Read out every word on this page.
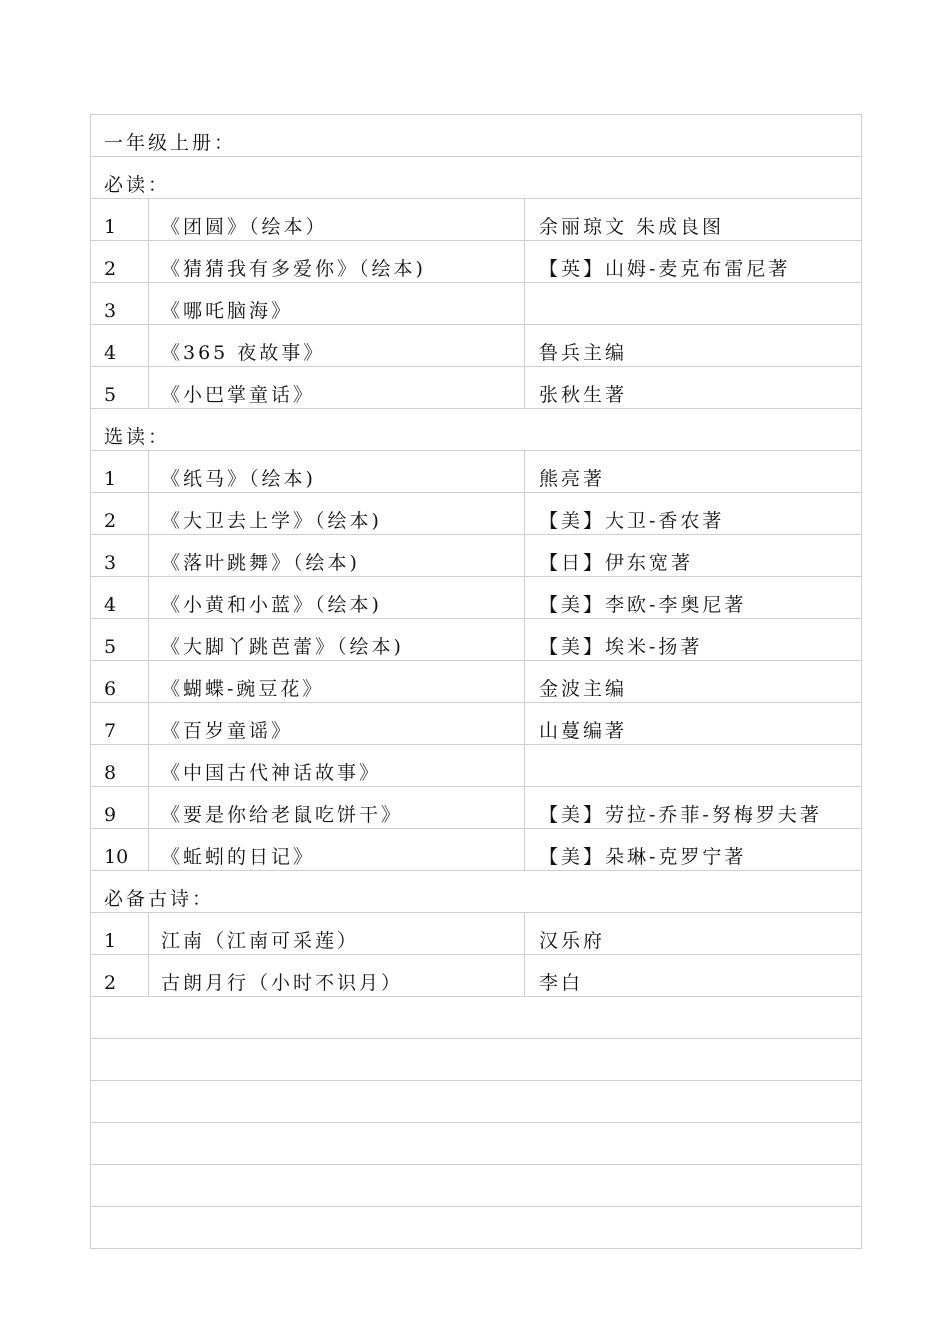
一年级上册：
必读：
1	《团圆》（绘本）	余丽琼文 朱成良图
2	《猜猜我有多爱你》（绘本)	【英】山姆-麦克布雷尼著
3	《哪吒脑海》
4	《365 夜故事》	鲁兵主编
5	《小巴掌童话》	张秋生著
选读：
1	《纸马》（绘本)	熊亮著
2	《大卫去上学》（绘本)	【美】大卫-香农著
3	《落叶跳舞》（绘本)	【日】伊东宽著
4	《小黄和小蓝》（绘本)	【美】李欧-李奥尼著
5	《大脚丫跳芭蕾》（绘本)	【美】埃米-扬著
6	《蝴蝶-豌豆花》	金波主编
7	《百岁童谣》	山蔓编著
8	《中国古代神话故事》
9	《要是你给老鼠吃饼干》	【美】劳拉-乔菲-努梅罗夫著
10	《蚯蚓的日记》	【美】朵琳-克罗宁著
必备古诗：
1	江南（江南可采莲）	汉乐府
2	古朗月行（小时不识月）	李白
